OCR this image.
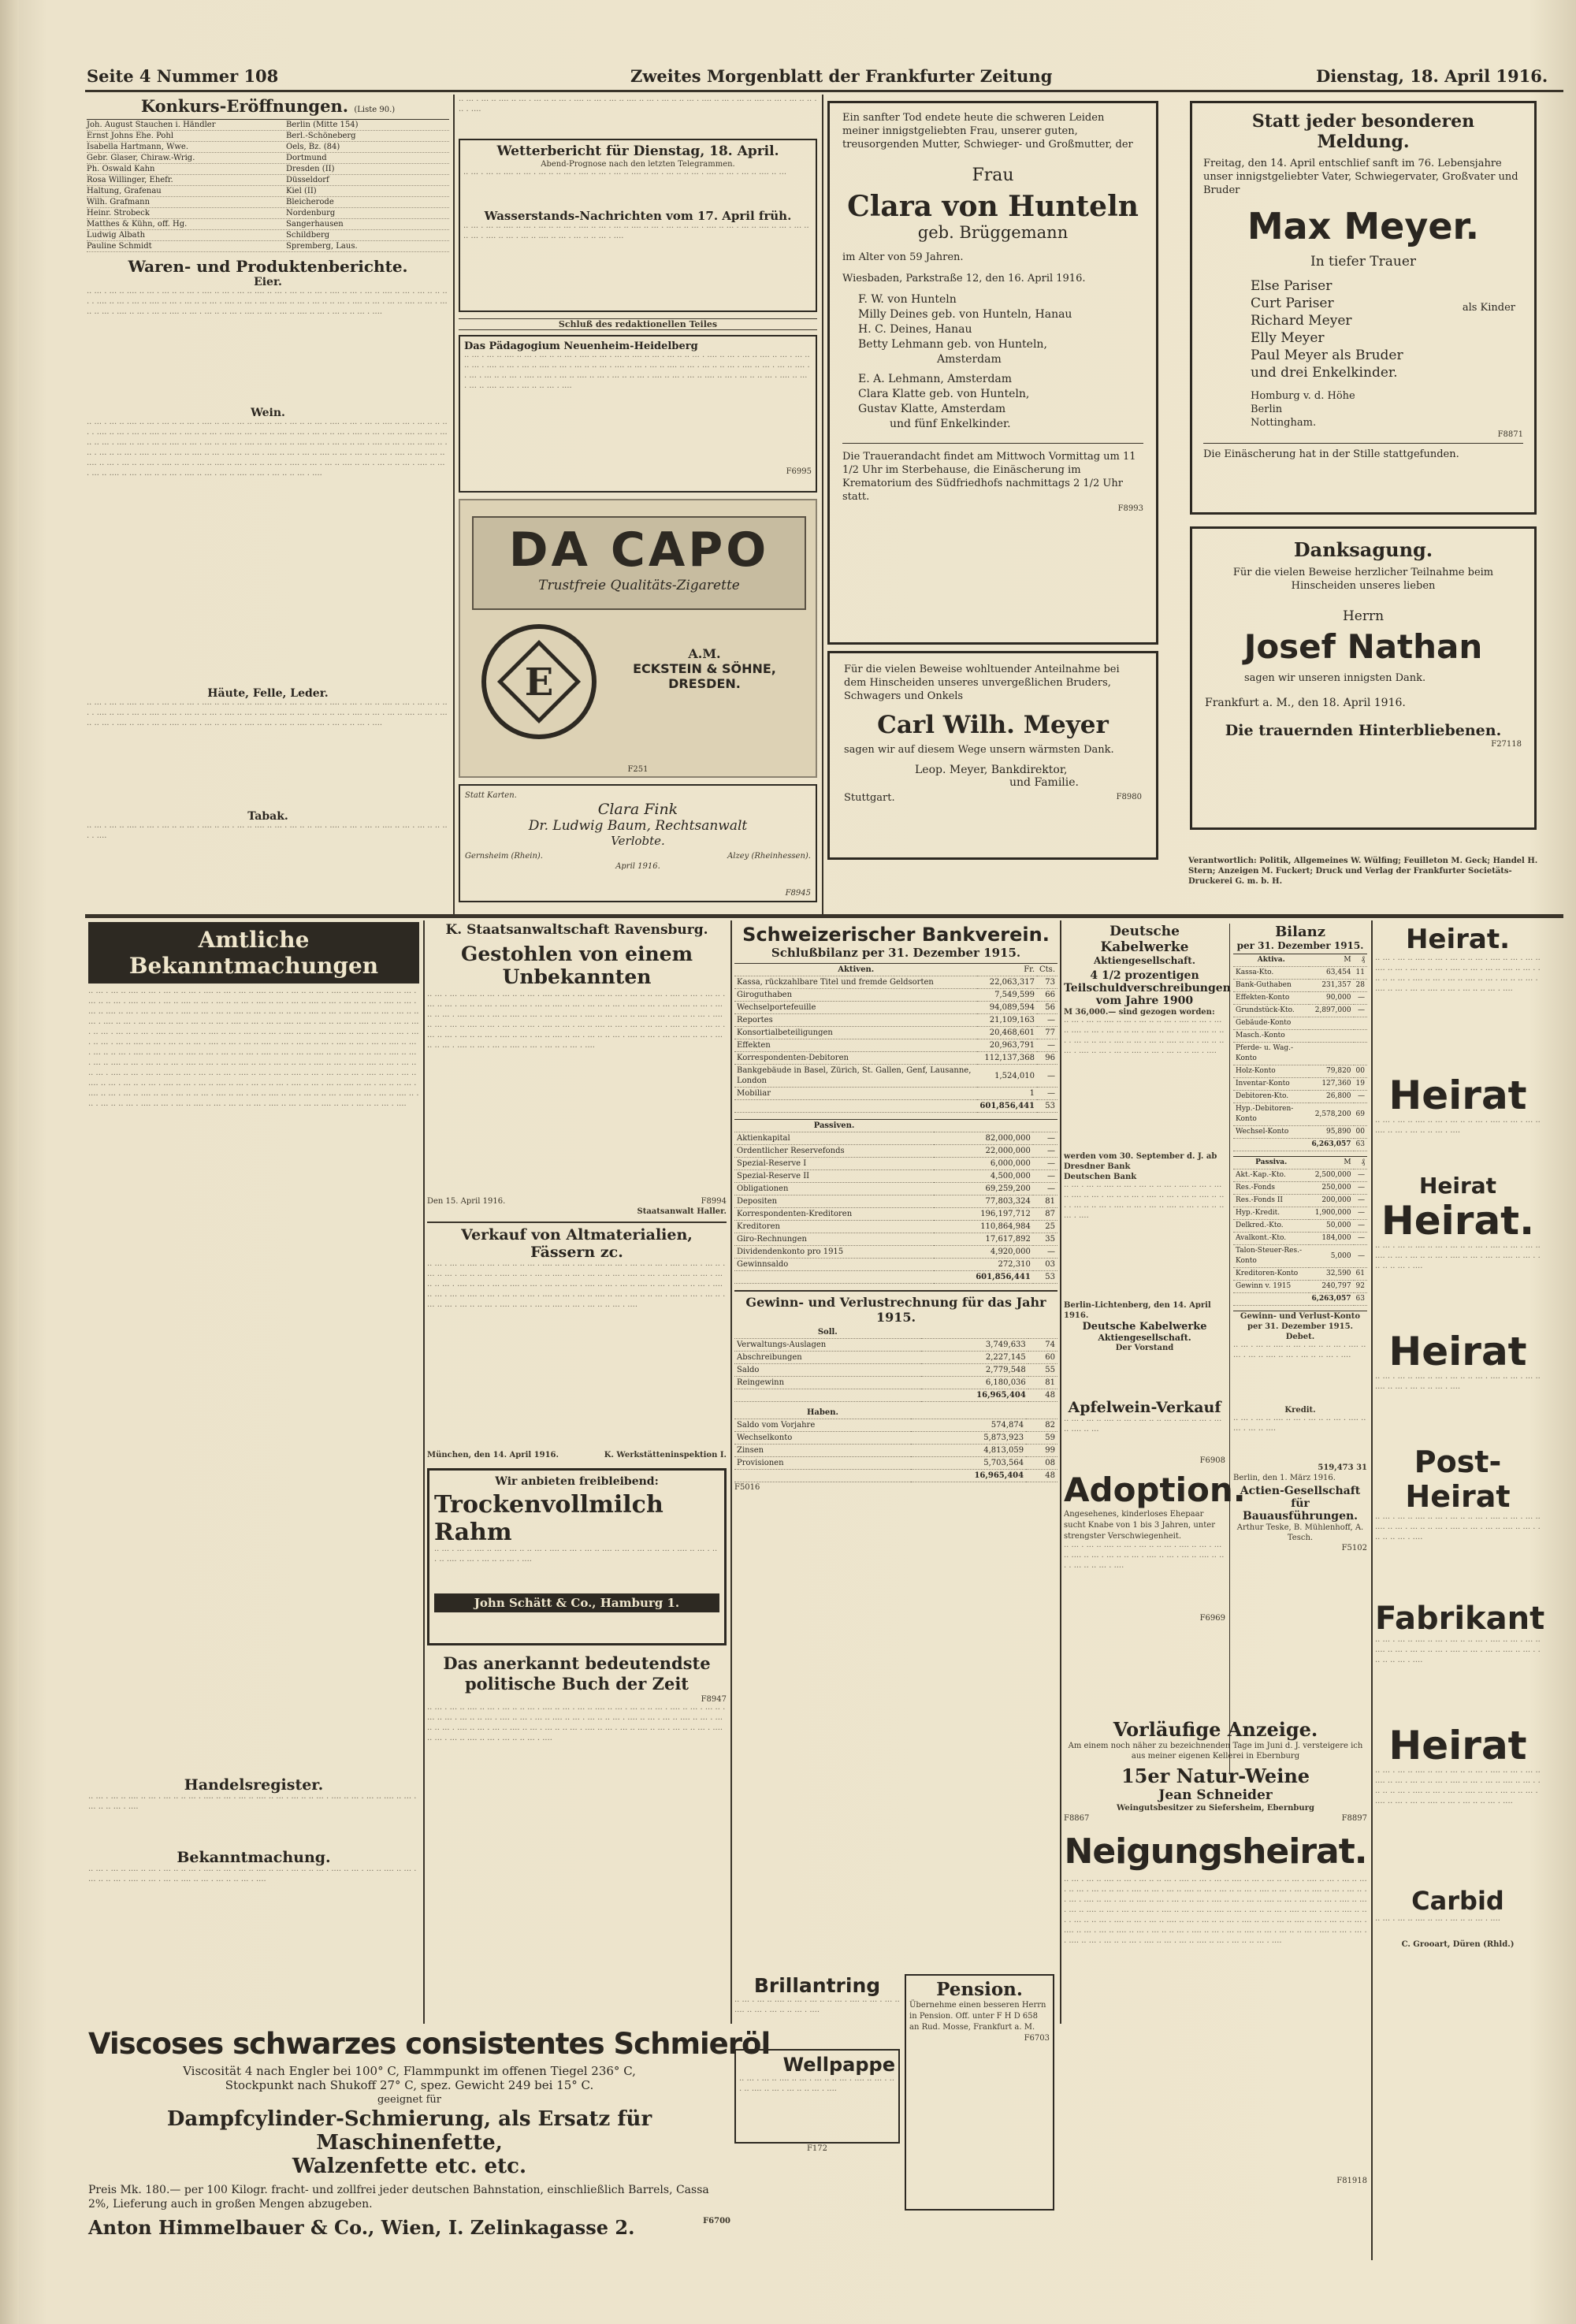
Seite 4 Nummer 108	Zweites Morgenblatt der Frankfurter Zeitung	Dienstag, 18. April 1916.
Konkurs-Eröffnungen. (Liste 90.)
Joh. August Stauchen i. Händler	Berlin (Mitte 154)
Ernst Johns Ehe. Pohl	Berl.-Schöneberg
Isabella Hartmann, Wwe.	Oels, Bz. (84)
Gebr. Glaser, Chiraw.-Wrig.	Dortmund
Ph. Oswald Kahn	Dresden (II)
Rosa Willinger, Ehefr.	Düsseldorf
Haltung, Grafenau	Kiel (II)
Wilh. Grafmann	Bleicherode
Heinr. Strobeck	Nordenburg
Matthes & Kühn, off. Hg.	Sangerhausen
Ludwig Albath	Schildberg
Pauline Schmidt	Spremberg, Laus.
Waren- und Produktenberichte.
Eier.
·· ··· · ··· ·· ···· ·· ··· · ··· ·· ·· ··· · ···· ·· ··· · ··· ·· ···· ·· ··· · ··· ·· ·· ··· · ···· ·· ··· · ··· ·· ···· ·· ··· · ··· ·· ·· ··· · ···· ·· ··· · ··· ·· ···· ·· ··· · ··· ·· ·· ··· · ···· ·· ··· · ··· ·· ···· ·· ··· · ··· ·· ·· ··· · ···· ·· ··· · ··· ·· ···· ·· ··· · ··· ·· ·· ··· · ···· ·· ··· · ··· ·· ···· ·· ··· · ··· ·· ·· ··· · ···· ·· ··· · ··· ·· ···· ·· ··· · ··· ·· ·· ··· · ····
Wein.
·· ··· · ··· ·· ···· ·· ··· · ··· ·· ·· ··· · ···· ·· ··· · ··· ·· ···· ·· ··· · ··· ·· ·· ··· · ···· ·· ··· · ··· ·· ···· ·· ··· · ··· ·· ·· ··· · ···· ·· ··· · ··· ·· ···· ·· ··· · ··· ·· ·· ··· · ···· ·· ··· · ··· ·· ···· ·· ··· · ··· ·· ·· ··· · ···· ·· ··· · ··· ·· ···· ·· ··· · ··· ·· ·· ··· · ···· ·· ··· · ··· ·· ···· ·· ··· · ··· ·· ·· ··· · ···· ·· ··· · ··· ·· ···· ·· ··· · ··· ·· ·· ··· · ···· ·· ··· · ··· ·· ···· ·· ··· · ··· ·· ·· ··· · ···· ·· ··· · ··· ·· ···· ·· ··· · ··· ·· ·· ··· · ···· ·· ··· · ··· ·· ···· ·· ··· · ··· ·· ·· ··· · ···· ·· ··· · ··· ·· ···· ·· ··· · ··· ·· ·· ··· · ···· ·· ··· · ··· ·· ···· ·· ··· · ··· ·· ·· ··· · ···· ·· ··· · ··· ·· ···· ·· ··· · ··· ·· ·· ··· · ···· ·· ··· · ··· ·· ···· ·· ··· · ··· ·· ·· ··· · ···· ·· ··· · ··· ·· ···· ·· ··· · ··· ·· ·· ··· · ····
Häute, Felle, Leder.
·· ··· · ··· ·· ···· ·· ··· · ··· ·· ·· ··· · ···· ·· ··· · ··· ·· ···· ·· ··· · ··· ·· ·· ··· · ···· ·· ··· · ··· ·· ···· ·· ··· · ··· ·· ·· ··· · ···· ·· ··· · ··· ·· ···· ·· ··· · ··· ·· ·· ··· · ···· ·· ··· · ··· ·· ···· ·· ··· · ··· ·· ·· ··· · ···· ·· ··· · ··· ·· ···· ·· ··· · ··· ·· ·· ··· · ···· ·· ··· · ··· ·· ···· ·· ··· · ··· ·· ·· ··· · ···· ·· ··· · ··· ·· ···· ·· ··· · ··· ·· ·· ··· · ····
Tabak.
·· ··· · ··· ·· ···· ·· ··· · ··· ·· ·· ··· · ···· ·· ··· · ··· ·· ···· ·· ··· · ··· ·· ·· ··· · ···· ·· ··· · ··· ·· ···· ·· ··· · ··· ·· ·· ··· · ····
·· ··· · ··· ·· ···· ·· ··· · ··· ·· ·· ··· · ···· ·· ··· · ··· ·· ···· ·· ··· · ··· ·· ·· ··· · ···· ·· ··· · ··· ·· ···· ·· ··· · ··· ·· ·· ··· · ····
Wetterbericht für Dienstag, 18. April.
Abend-Prognose nach den letzten Telegrammen.
·· ··· · ··· ·· ···· ·· ··· · ··· ·· ·· ··· · ···· ·· ··· · ··· ·· ···· ·· ··· · ··· ·· ·· ··· · ···· ·· ··· · ··· ·· ···· ·· ···
Wasserstands-Nachrichten vom 17. April früh.
·· ··· · ··· ·· ···· ·· ··· · ··· ·· ·· ··· · ···· ·· ··· · ··· ·· ···· ·· ··· · ··· ·· ·· ··· · ···· ·· ··· · ··· ·· ···· ·· ··· · ··· ·· ·· ··· · ···· ·· ··· · ··· ·· ···· ·· ··· · ··· ·· ·· ··· · ····
Schluß des redaktionellen Teiles
Das Pädagogium Neuenheim-Heidelberg
·· ··· · ··· ·· ···· ·· ··· · ··· ·· ·· ··· · ···· ·· ··· · ··· ·· ···· ·· ··· · ··· ·· ·· ··· · ···· ·· ··· · ··· ·· ···· ·· ··· · ··· ·· ·· ··· · ···· ·· ··· · ··· ·· ···· ·· ··· · ··· ·· ·· ··· · ···· ·· ··· · ··· ·· ···· ·· ··· · ··· ·· ·· ··· · ···· ·· ··· · ··· ·· ···· ·· ··· · ··· ·· ·· ··· · ···· ·· ··· · ··· ·· ···· ·· ··· · ··· ·· ·· ··· · ···· ·· ··· · ··· ·· ···· ·· ··· · ··· ·· ·· ··· · ···· ·· ··· · ··· ·· ···· ·· ··· · ··· ·· ·· ··· · ····
F6995
DA CAPO
Trustfreie Qualitäts-Zigarette
E
A.M.
ECKSTEIN & SÖHNE,
DRESDEN.
F251
Statt Karten.
Clara Fink
Dr. Ludwig Baum, Rechtsanwalt
Verlobte.
Gernsheim (Rhein).	Alzey (Rheinhessen).
April 1916.
F8945
Ein sanfter Tod endete heute die schweren Leiden meiner innigstgeliebten Frau, unserer guten, treusorgenden Mutter, Schwieger- und Großmutter, der
Frau
Clara von Hunteln
geb. Brüggemann
im Alter von 59 Jahren.
Wiesbaden, Parkstraße 12, den 16. April 1916.
F. W. von Hunteln
Milly Deines geb. von Hunteln, Hanau
H. C. Deines, Hanau
Betty Lehmann geb. von Hunteln,
Amsterdam
E. A. Lehmann, Amsterdam
Clara Klatte geb. von Hunteln,
Gustav Klatte, Amsterdam
und fünf Enkelkinder.
Die Trauerandacht findet am Mittwoch Vormittag um 11 1/2 Uhr im Sterbehause, die Einäscherung im Krematorium des Südfriedhofs nachmittags 2 1/2 Uhr statt.
F8993
Für die vielen Beweise wohltuender Anteilnahme bei dem Hinscheiden unseres unvergeßlichen Bruders, Schwagers und Onkels
Carl Wilh. Meyer
sagen wir auf diesem Wege unsern wärmsten Dank.
Leop. Meyer, Bankdirektor,
und Familie.
Stuttgart.	F8980
Statt jeder besonderen Meldung.
Freitag, den 14. April entschlief sanft im 76. Lebensjahre unser innigstgeliebter Vater, Schwiegervater, Großvater und Bruder
Max Meyer.
In tiefer Trauer
Else Pariser
Curt Pariser
Richard Meyer
Elly Meyer
Paul Meyer als Bruder
und drei Enkelkinder.
als Kinder
Homburg v. d. Höhe
Berlin
Nottingham.
F8871
Die Einäscherung hat in der Stille stattgefunden.
Danksagung.
Für die vielen Beweise herzlicher Teilnahme beim Hinscheiden unseres lieben
Herrn
Josef Nathan
sagen wir unseren innigsten Dank.
Frankfurt a. M., den 18. April 1916.
Die trauernden Hinterbliebenen.
F27118
Verantwortlich: Politik, Allgemeines W. Wülfing; Feuilleton M. Geck; Handel H. Stern; Anzeigen M. Fuckert; Druck und Verlag der Frankfurter Societäts-Druckerei G. m. b. H.
Amtliche Bekanntmachungen
·· ··· · ··· ·· ···· ·· ··· · ··· ·· ·· ··· · ···· ·· ··· · ··· ·· ···· ·· ··· · ··· ·· ·· ··· · ···· ·· ··· · ··· ·· ···· ·· ··· · ··· ·· ·· ··· · ···· ·· ··· · ··· ·· ···· ·· ··· · ··· ·· ·· ··· · ···· ·· ··· · ··· ·· ···· ·· ··· · ··· ·· ·· ··· · ···· ·· ··· · ··· ·· ···· ·· ··· · ··· ·· ·· ··· · ···· ·· ··· · ··· ·· ···· ·· ··· · ··· ·· ·· ··· · ···· ·· ··· · ··· ·· ···· ·· ··· · ··· ·· ·· ··· · ···· ·· ··· · ··· ·· ···· ·· ··· · ··· ·· ·· ··· · ···· ·· ··· · ··· ·· ···· ·· ··· · ··· ·· ·· ··· · ···· ·· ··· · ··· ·· ···· ·· ··· · ··· ·· ·· ··· · ···· ·· ··· · ··· ·· ···· ·· ··· · ··· ·· ·· ··· · ···· ·· ··· · ··· ·· ···· ·· ··· · ··· ·· ·· ··· · ···· ·· ··· · ··· ·· ···· ·· ··· · ··· ·· ·· ··· · ···· ·· ··· · ··· ·· ···· ·· ··· · ··· ·· ·· ··· · ···· ·· ··· · ··· ·· ···· ·· ··· · ··· ·· ·· ··· · ···· ·· ··· · ··· ·· ···· ·· ··· · ··· ·· ·· ··· · ···· ·· ··· · ··· ·· ···· ·· ··· · ··· ·· ·· ··· · ···· ·· ··· · ··· ·· ···· ·· ··· · ··· ·· ·· ··· · ···· ·· ··· · ··· ·· ···· ·· ··· · ··· ·· ·· ··· · ···· ·· ··· · ··· ·· ···· ·· ··· · ··· ·· ·· ··· · ···· ·· ··· · ··· ·· ···· ·· ··· · ··· ·· ·· ··· · ···· ·· ··· · ··· ·· ···· ·· ··· · ··· ·· ·· ··· · ···· ·· ··· · ··· ·· ···· ·· ··· · ··· ·· ·· ··· · ···· ·· ··· · ··· ·· ···· ·· ··· · ··· ·· ·· ··· · ···· ·· ··· · ··· ·· ···· ·· ··· · ··· ·· ·· ··· · ···· ·· ··· · ··· ·· ···· ·· ··· · ··· ·· ·· ··· · ···· ·· ··· · ··· ·· ···· ·· ··· · ··· ·· ·· ··· · ···· ·· ··· · ··· ·· ···· ·· ··· · ··· ·· ·· ··· · ···· ·· ··· · ··· ·· ···· ·· ··· · ··· ·· ·· ··· · ···· ·· ··· · ··· ·· ···· ·· ··· · ··· ·· ·· ··· · ····
Handelsregister.
·· ··· · ··· ·· ···· ·· ··· · ··· ·· ·· ··· · ···· ·· ··· · ··· ·· ···· ·· ··· · ··· ·· ·· ··· · ···· ·· ··· · ··· ·· ···· ·· ··· · ··· ·· ·· ··· · ····
Bekanntmachung.
·· ··· · ··· ·· ···· ·· ··· · ··· ·· ·· ··· · ···· ·· ··· · ··· ·· ···· ·· ··· · ··· ·· ·· ··· · ···· ·· ··· · ··· ·· ···· ·· ··· · ··· ·· ·· ··· · ···· ·· ··· · ··· ·· ···· ·· ··· · ··· ·· ·· ··· · ····
K. Staatsanwaltschaft Ravensburg.
Gestohlen von einem Unbekannten
·· ··· · ··· ·· ···· ·· ··· · ··· ·· ·· ··· · ···· ·· ··· · ··· ·· ···· ·· ··· · ··· ·· ·· ··· · ···· ·· ··· · ··· ·· ···· ·· ··· · ··· ·· ·· ··· · ···· ·· ··· · ··· ·· ···· ·· ··· · ··· ·· ·· ··· · ···· ·· ··· · ··· ·· ···· ·· ··· · ··· ·· ·· ··· · ···· ·· ··· · ··· ·· ···· ·· ··· · ··· ·· ·· ··· · ···· ·· ··· · ··· ·· ···· ·· ··· · ··· ·· ·· ··· · ···· ·· ··· · ··· ·· ···· ·· ··· · ··· ·· ·· ··· · ···· ·· ··· · ··· ·· ···· ·· ··· · ··· ·· ·· ··· · ···· ·· ··· · ··· ·· ···· ·· ··· · ··· ·· ·· ··· · ···· ·· ··· · ··· ·· ···· ·· ··· · ··· ·· ·· ··· · ···· ·· ··· · ··· ·· ···· ·· ··· · ··· ·· ·· ··· · ···· ·· ··· · ··· ·· ···· ·· ··· · ··· ·· ·· ··· · ····
Den 15. April 1916.	F8994
Staatsanwalt Haller.
Verkauf von Altmaterialien, Fässern zc.
·· ··· · ··· ·· ···· ·· ··· · ··· ·· ·· ··· · ···· ·· ··· · ··· ·· ···· ·· ··· · ··· ·· ·· ··· · ···· ·· ··· · ··· ·· ···· ·· ··· · ··· ·· ·· ··· · ···· ·· ··· · ··· ·· ···· ·· ··· · ··· ·· ·· ··· · ···· ·· ··· · ··· ·· ···· ·· ··· · ··· ·· ·· ··· · ···· ·· ··· · ··· ·· ···· ·· ··· · ··· ·· ·· ··· · ···· ·· ··· · ··· ·· ···· ·· ··· · ··· ·· ·· ··· · ···· ·· ··· · ··· ·· ···· ·· ··· · ··· ·· ·· ··· · ···· ·· ··· · ··· ·· ···· ·· ··· · ··· ·· ·· ··· · ···· ·· ··· · ··· ·· ···· ·· ··· · ··· ·· ·· ··· · ···· ·· ··· · ··· ·· ···· ·· ··· · ··· ·· ·· ··· · ····
München, den 14. April 1916.	K. Werkstätteninspektion I.
Wir anbieten freibleibend:
Trockenvollmilch
Rahm
·· ··· · ··· ·· ···· ·· ··· · ··· ·· ·· ··· · ···· ·· ··· · ··· ·· ···· ·· ··· · ··· ·· ·· ··· · ···· ·· ··· · ··· ·· ···· ·· ··· · ··· ·· ·· ··· · ····
John Schätt & Co., Hamburg 1.
Das anerkannt bedeutendste politische Buch der Zeit
F8947
·· ··· · ··· ·· ···· ·· ··· · ··· ·· ·· ··· · ···· ·· ··· · ··· ·· ···· ·· ··· · ··· ·· ·· ··· · ···· ·· ··· · ··· ·· ···· ·· ··· · ··· ·· ·· ··· · ···· ·· ··· · ··· ·· ···· ·· ··· · ··· ·· ·· ··· · ···· ·· ··· · ··· ·· ···· ·· ··· · ··· ·· ·· ··· · ···· ·· ··· · ··· ·· ···· ·· ··· · ··· ·· ·· ··· · ···· ·· ··· · ··· ·· ···· ·· ··· · ··· ·· ·· ··· · ···· ·· ··· · ··· ·· ···· ·· ··· · ··· ·· ·· ··· · ····
Viscoses schwarzes consistentes Schmieröl
Viscosität 4 nach Engler bei 100° C, Flammpunkt im offenen Tiegel 236° C,
Stockpunkt nach Shukoff 27° C, spez. Gewicht 249 bei 15° C.
geeignet für
Dampfcylinder-Schmierung, als Ersatz für Maschinenfette,
Walzenfette etc. etc.
Preis Mk. 180.— per 100 Kilogr. fracht- und zollfrei jeder deutschen Bahnstation, einschließlich Barrels, Cassa 2%, Lieferung auch in großen Mengen abzugeben.
Anton Himmelbauer & Co., Wien, I. Zelinkagasse 2.	F6700
Schweizerischer Bankverein.
Schlußbilanz per 31. Dezember 1915.
Aktiven.	Fr.	Cts.
Kassa, rückzahlbare Titel und fremde Geldsorten	22,063,317	73
Giroguthaben	7,549,599	66
Wechselportefeuille	94,089,594	56
Reportes	21,109,163	—
Konsortialbeteiligungen	20,468,601	77
Effekten	20,963,791	—
Korrespondenten-Debitoren	112,137,368	96
Bankgebäude in Basel, Zürich, St. Gallen, Genf, Lausanne, London	1,524,010	—
Mobiliar	1	—
	601,856,441	53
Passiven.		
Aktienkapital	82,000,000	—
Ordentlicher Reservefonds	22,000,000	—
Spezial-Reserve I	6,000,000	—
Spezial-Reserve II	4,500,000	—
Obligationen	69,259,200	—
Depositen	77,803,324	81
Korrespondenten-Kreditoren	196,197,712	87
Kreditoren	110,864,984	25
Giro-Rechnungen	17,617,892	35
Dividendenkonto pro 1915	4,920,000	—
Gewinnsaldo	272,310	03
	601,856,441	53
Gewinn- und Verlustrechnung für das Jahr 1915.
Soll.		
Verwaltungs-Auslagen	3,749,633	74
Abschreibungen	2,227,145	60
Saldo	2,779,548	55
Reingewinn	6,180,036	81
	16,965,404	48
Haben.		
Saldo vom Vorjahre	574,874	82
Wechselkonto	5,873,923	59
Zinsen	4,813,059	99
Provisionen	5,703,564	08
	16,965,404	48
F5016
Brillantring
·· ··· · ··· ·· ···· ·· ··· · ··· ·· ·· ··· · ···· ·· ··· · ··· ·· ···· ·· ··· · ··· ·· ·· ··· · ····
Wellpappe
·· ··· · ··· ·· ···· ·· ··· · ··· ·· ·· ··· · ···· ·· ··· · ··· ·· ···· ·· ··· · ··· ·· ·· ··· · ····
F172
Pension.
Übernehme einen besseren Herrn in Pension. Off. unter F H D 658 an Rud. Mosse, Frankfurt a. M.
F6703
Deutsche Kabelwerke
Aktiengesellschaft.
4 1/2 prozentigen Teilschuldverschreibungen vom Jahre 1900
M 36,000.— sind gezogen worden:
·· ··· · ··· ·· ···· ·· ··· · ··· ·· ·· ··· · ···· ·· ··· · ··· ·· ···· ·· ··· · ··· ·· ·· ··· · ···· ·· ··· · ··· ·· ···· ·· ··· · ··· ·· ·· ··· · ···· ·· ··· · ··· ·· ···· ·· ··· · ··· ·· ·· ··· · ···· ·· ··· · ··· ·· ···· ·· ··· · ··· ·· ·· ··· · ····
werden vom 30. September d. J. ab
Dresdner Bank
Deutschen Bank
·· ··· · ··· ·· ···· ·· ··· · ··· ·· ·· ··· · ···· ·· ··· · ··· ·· ···· ·· ··· · ··· ·· ·· ··· · ···· ·· ··· · ··· ·· ···· ·· ··· · ··· ·· ·· ··· · ···· ·· ··· · ··· ·· ···· ·· ··· · ··· ·· ·· ··· · ····
Berlin-Lichtenberg, den 14. April 1916.
Deutsche Kabelwerke
Aktiengesellschaft.
Der Vorstand
Bilanz
per 31. Dezember 1915.
Aktiva.	M	₰
Kassa-Kto.	63,454	11
Bank-Guthaben	231,357	28
Effekten-Konto	90,000	—
Grundstück-Kto.	2,897,000	—
Gebäude-Konto		
Masch.-Konto		
Pferde- u. Wag.-Konto		
Holz-Konto	79,820	00
Inventar-Konto	127,360	19
Debitoren-Kto.	26,800	—
Hyp.-Debitoren-Konto	2,578,200	69
Wechsel-Konto	95,890	00
	6,263,057	63
Passiva.	M	₰
Akt.-Kap.-Kto.	2,500,000	—
Res.-Fonds	250,000	—
Res.-Fonds II	200,000	—
Hyp.-Kredit.	1,900,000	—
Delkred.-Kto.	50,000	—
Avalkont.-Kto.	184,000	—
Talon-Steuer-Res.-Konto	5,000	—
Kreditoren-Konto	32,590	61
Gewinn v. 1915	240,797	92
	6,263,057	63
Gewinn- und Verlust-Konto per 31. Dezember 1915.
Debet.
·· ··· · ··· ·· ···· ·· ··· · ··· ·· ·· ··· · ···· ·· ··· · ··· ·· ···· ·· ··· · ··· ·· ·· ··· · ····
Kredit.
·· ··· · ··· ·· ···· ·· ··· · ··· ·· ·· ··· · ···· ·· ··· · ··· ·· ····
519,473 31
Berlin, den 1. März 1916.
Actien-Gesellschaft
für Bauausführungen.
Arthur Teske, B. Mühlenhoff, A. Tesch.
F5102
Apfelwein-Verkauf
·· ··· · ··· ·· ···· ·· ··· · ··· ·· ·· ··· · ···· ·· ··· · ··· ·· ···· ·· ···
F6908
Adoption.
Angesehenes, kinderloses Ehepaar sucht Knabe von 1 bis 3 Jahren, unter strengster Verschwiegenheit.
·· ··· · ··· ·· ···· ·· ··· · ··· ·· ·· ··· · ···· ·· ··· · ··· ·· ···· ·· ··· · ··· ·· ·· ··· · ···· ·· ··· · ··· ·· ···· ·· ··· · ··· ·· ·· ··· · ····
F6969
Vorläufige Anzeige.
Am einem noch näher zu bezeichnenden Tage im Juni d. J. versteigere ich aus meiner eigenen Kellerei in Ebernburg
15er Natur-Weine
Jean Schneider
Weingutsbesitzer zu Siefersheim, Ebernburg
F8867	F8897
Neigungsheirat.
·· ··· · ··· ·· ···· ·· ··· · ··· ·· ·· ··· · ···· ·· ··· · ··· ·· ···· ·· ··· · ··· ·· ·· ··· · ···· ·· ··· · ··· ·· ···· ·· ··· · ··· ·· ·· ··· · ···· ·· ··· · ··· ·· ···· ·· ··· · ··· ·· ·· ··· · ···· ·· ··· · ··· ·· ···· ·· ··· · ··· ·· ·· ··· · ···· ·· ··· · ··· ·· ···· ·· ··· · ··· ·· ·· ··· · ···· ·· ··· · ··· ·· ···· ·· ··· · ··· ·· ·· ··· · ···· ·· ··· · ··· ·· ···· ·· ··· · ··· ·· ·· ··· · ···· ·· ··· · ··· ·· ···· ·· ··· · ··· ·· ·· ··· · ···· ·· ··· · ··· ·· ···· ·· ··· · ··· ·· ·· ··· · ···· ·· ··· · ··· ·· ···· ·· ··· · ··· ·· ·· ··· · ···· ·· ··· · ··· ·· ···· ·· ··· · ··· ·· ·· ··· · ···· ·· ··· · ··· ·· ···· ·· ··· · ··· ·· ·· ··· · ···· ·· ··· · ··· ·· ···· ·· ··· · ··· ·· ·· ··· · ···· ·· ··· · ··· ·· ···· ·· ··· · ··· ·· ·· ··· · ···· ·· ··· · ··· ·· ···· ·· ··· · ··· ·· ·· ··· · ····
F81918
Heirat.
·· ··· · ··· ·· ···· ·· ··· · ··· ·· ·· ··· · ···· ·· ··· · ··· ·· ···· ·· ··· · ··· ·· ·· ··· · ···· ·· ··· · ··· ·· ···· ·· ··· · ··· ·· ·· ··· · ···· ·· ··· · ··· ·· ···· ·· ··· · ··· ·· ·· ··· · ···· ·· ··· · ··· ·· ···· ·· ··· · ··· ·· ·· ··· · ····
Heirat
·· ··· · ··· ·· ···· ·· ··· · ··· ·· ·· ··· · ···· ·· ··· · ··· ·· ···· ·· ··· · ··· ·· ·· ··· · ····
Heirat
Heirat.
·· ··· · ··· ·· ···· ·· ··· · ··· ·· ·· ··· · ···· ·· ··· · ··· ·· ···· ·· ··· · ··· ·· ·· ··· · ···· ·· ··· · ··· ·· ···· ·· ··· · ··· ·· ·· ··· · ····
Heirat
·· ··· · ··· ·· ···· ·· ··· · ··· ·· ·· ··· · ···· ·· ··· · ··· ·· ···· ·· ··· · ··· ·· ·· ··· · ····
Post-Heirat
·· ··· · ··· ·· ···· ·· ··· · ··· ·· ·· ··· · ···· ·· ··· · ··· ·· ···· ·· ··· · ··· ·· ·· ··· · ···· ·· ··· · ··· ·· ···· ·· ··· · ··· ·· ·· ··· · ····
Fabrikant
·· ··· · ··· ·· ···· ·· ··· · ··· ·· ·· ··· · ···· ·· ··· · ··· ·· ···· ·· ··· · ··· ·· ·· ··· · ···· ·· ··· · ··· ·· ···· ·· ··· · ··· ·· ·· ··· · ····
Heirat
·· ··· · ··· ·· ···· ·· ··· · ··· ·· ·· ··· · ···· ·· ··· · ··· ·· ···· ·· ··· · ··· ·· ·· ··· · ···· ·· ··· · ··· ·· ···· ·· ··· · ··· ·· ·· ··· · ···· ·· ··· · ··· ·· ···· ·· ··· · ··· ·· ·· ··· · ···· ·· ··· · ··· ·· ···· ·· ··· · ··· ·· ·· ··· · ····
Carbid
·· ··· · ··· ·· ···· ·· ··· · ··· ·· ·· ··· · ····
C. Grooart, Düren (Rhld.)
